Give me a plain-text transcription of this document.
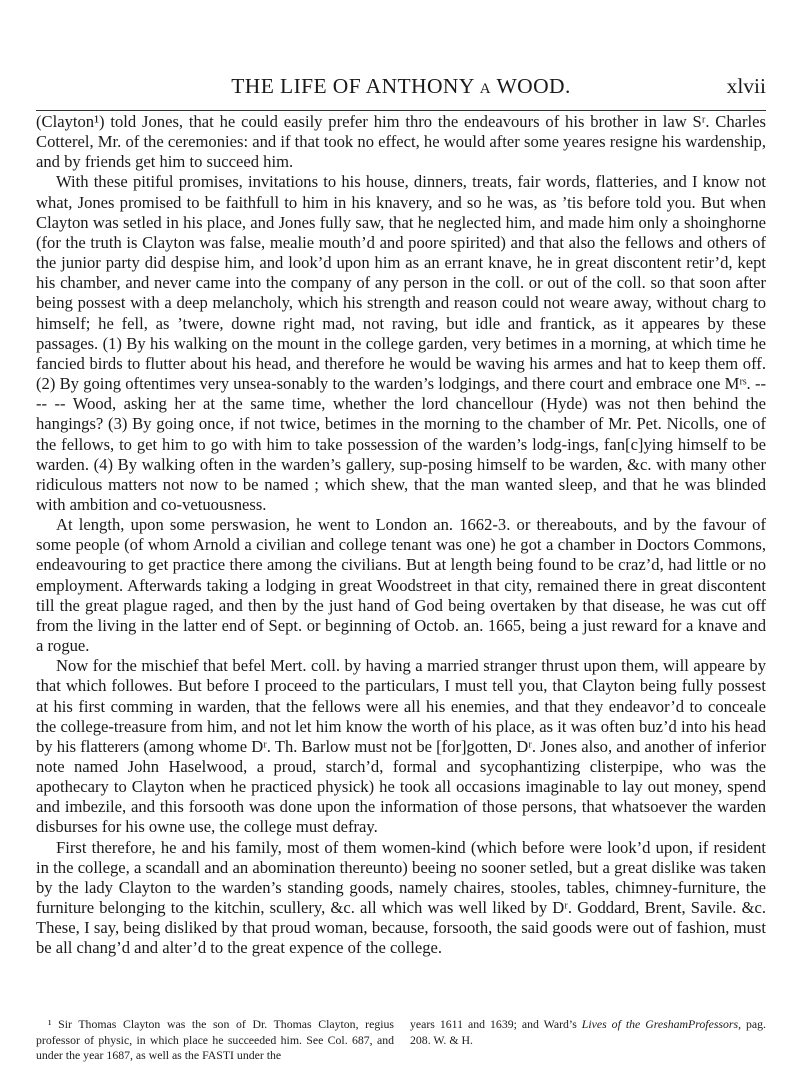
THE LIFE OF ANTHONY A WOOD.	xlvii

(Clayton¹) told Jones, that he could easily prefer him thro the endeavours of his brother in law Sʳ. Charles Cotterel, Mr. of the ceremonies: and if that took no effect, he would after some yeares resigne his wardenship, and by friends get him to succeed him.

With these pitiful promises, invitations to his house, dinners, treats, fair words, flatteries, and I know not what, Jones promised to be faithfull to him in his knavery, and so he was, as ’tis before told you. But when Clayton was setled in his place, and Jones fully saw, that he neglected him, and made him only a shoinghorne (for the truth is Clayton was false, mealie mouth’d and poore spirited) and that also the fellows and others of the junior party did despise him, and look’d upon him as an errant knave, he in great discontent retir’d, kept his chamber, and never came into the company of any person in the coll. or out of the coll. so that soon after being possest with a deep melancholy, which his strength and reason could not weare away, without charg to himself; he fell, as ’twere, downe right mad, not raving, but idle and frantick, as it appeares by these passages. (1) By his walking on the mount in the college garden, very betimes in a morning, at which time he fancied birds to flutter about his head, and therefore he would be waving his armes and hat to keep them off. (2) By going oftentimes very unsea-sonably to the warden’s lodgings, and there court and embrace one Mʳˢ. -- -- -- Wood, asking her at the same time, whether the lord chancellour (Hyde) was not then behind the hangings? (3) By going once, if not twice, betimes in the morning to the chamber of Mr. Pet. Nicolls, one of the fellows, to get him to go with him to take possession of the warden’s lodg-ings, fan[c]ying himself to be warden. (4) By walking often in the warden’s gallery, sup-posing himself to be warden, &c. with many other ridiculous matters not now to be named ; which shew, that the man wanted sleep, and that he was blinded with ambition and co-vetuousness.

At length, upon some perswasion, he went to London an. 1662-3. or thereabouts, and by the favour of some people (of whom Arnold a civilian and college tenant was one) he got a chamber in Doctors Commons, endeavouring to get practice there among the civilians. But at length being found to be craz’d, had little or no employment. Afterwards taking a lodging in great Woodstreet in that city, remained there in great discontent till the great plague raged, and then by the just hand of God being overtaken by that disease, he was cut off from the living in the latter end of Sept. or beginning of Octob. an. 1665, being a just reward for a knave and a rogue.

Now for the mischief that befel Mert. coll. by having a married stranger thrust upon them, will appeare by that which followes. But before I proceed to the particulars, I must tell you, that Clayton being fully possest at his first comming in warden, that the fellows were all his enemies, and that they endeavor’d to conceale the college-treasure from him, and not let him know the worth of his place, as it was often buz’d into his head by his flatterers (among whome Dʳ. Th. Barlow must not be [for]gotten, Dʳ. Jones also, and another of inferior note named John Haselwood, a proud, starch’d, formal and sycophantizing clisterpipe, who was the apothecary to Clayton when he practiced physick) he took all occasions imaginable to lay out money, spend and imbezile, and this forsooth was done upon the information of those persons, that whatsoever the warden disburses for his owne use, the college must defray.

First therefore, he and his family, most of them women-kind (which before were look’d upon, if resident in the college, a scandall and an abomination thereunto) beeing no sooner setled, but a great dislike was taken by the lady Clayton to the warden’s standing goods, namely chaires, stooles, tables, chimney-furniture, the furniture belonging to the kitchin, scullery, &c. all which was well liked by Dʳ. Goddard, Brent, Savile. &c. These, I say, being disliked by that proud woman, because, forsooth, the said goods were out of fashion, must be all chang’d and alter’d to the great expence of the college.

¹ Sir Thomas Clayton was the son of Dr. Thomas Clayton, regius professor of physic, in which place he succeeded him. See Col. 687, and under the year 1687, as well as the FASTI under the

years 1611 and 1639; and Ward’s Lives of the GreshamProfessors, pag. 208. W. & H.
